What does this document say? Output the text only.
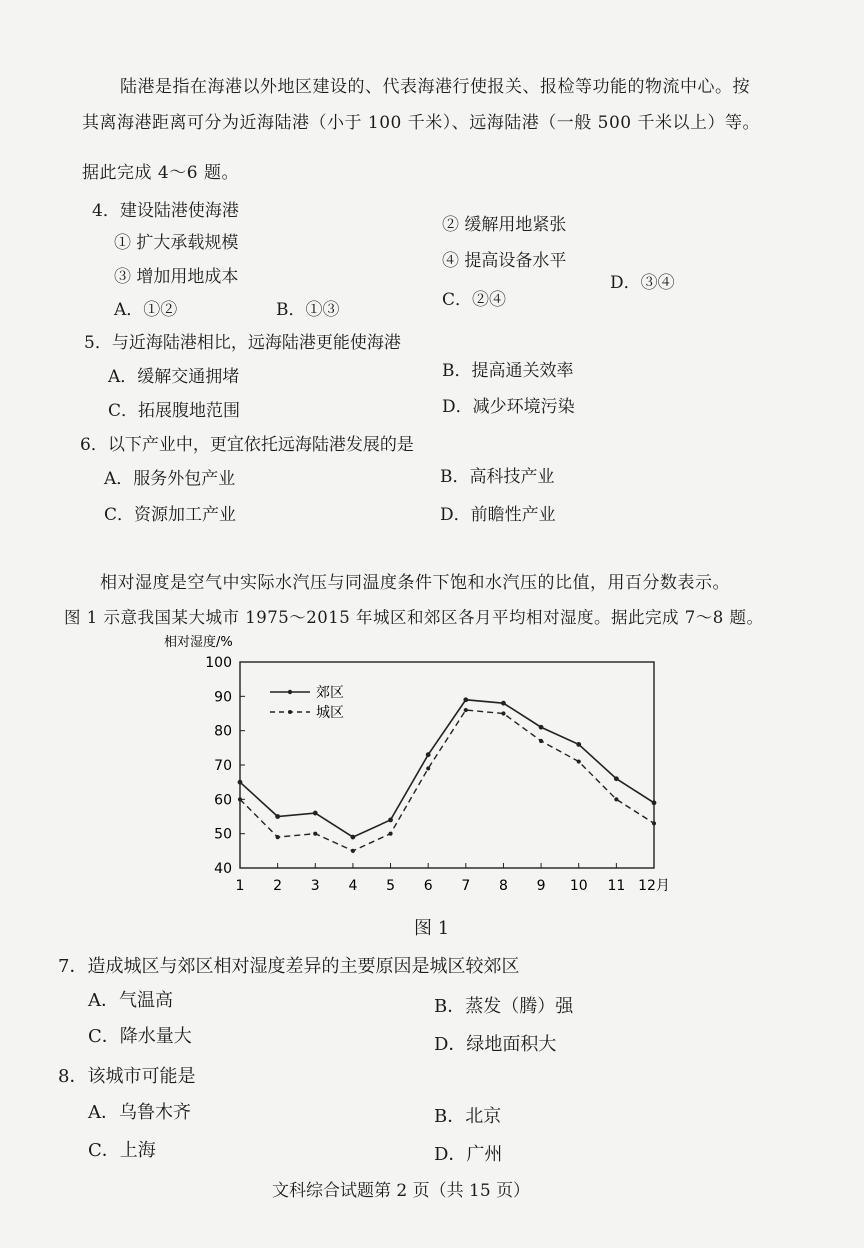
陆港是指在海港以外地区建设的、代表海港行使报关、报检等功能的物流中心。按
其离海港距离可分为近海陆港（小于 100 千米）、远海陆港（一般 500 千米以上）等。
据此完成 4～6 题。
4．建设陆港使海港
① 扩大承载规模
② 缓解用地紧张
③ 增加用地成本
④ 提高设备水平
A．①②	B．①③	C．②④
D．③④
5．与近海陆港相比，远海陆港更能使海港
A．缓解交通拥堵	B．提高通关效率
C．拓展腹地范围	D．减少环境污染
6．以下产业中，更宜依托远海陆港发展的是
A．服务外包产业	B．高科技产业
C．资源加工产业	D．前瞻性产业
相对湿度是空气中实际水汽压与同温度条件下饱和水汽压的比值，用百分数表示。
图 1 示意我国某大城市 1975～2015 年城区和郊区各月平均相对湿度。据此完成 7～8 题。
相对湿度/%
40
50
60
70
80
90
100
1 2 3 4 5 6 7 8 9 10 11 12月
郊区
城区
图 1
7．造成城区与郊区相对湿度差异的主要原因是城区较郊区
A．气温高	B．蒸发（腾）强
C．降水量大	D．绿地面积大
8．该城市可能是
A．乌鲁木齐	B．北京
C．上海	D．广州
文科综合试题第 2 页（共 15 页）
